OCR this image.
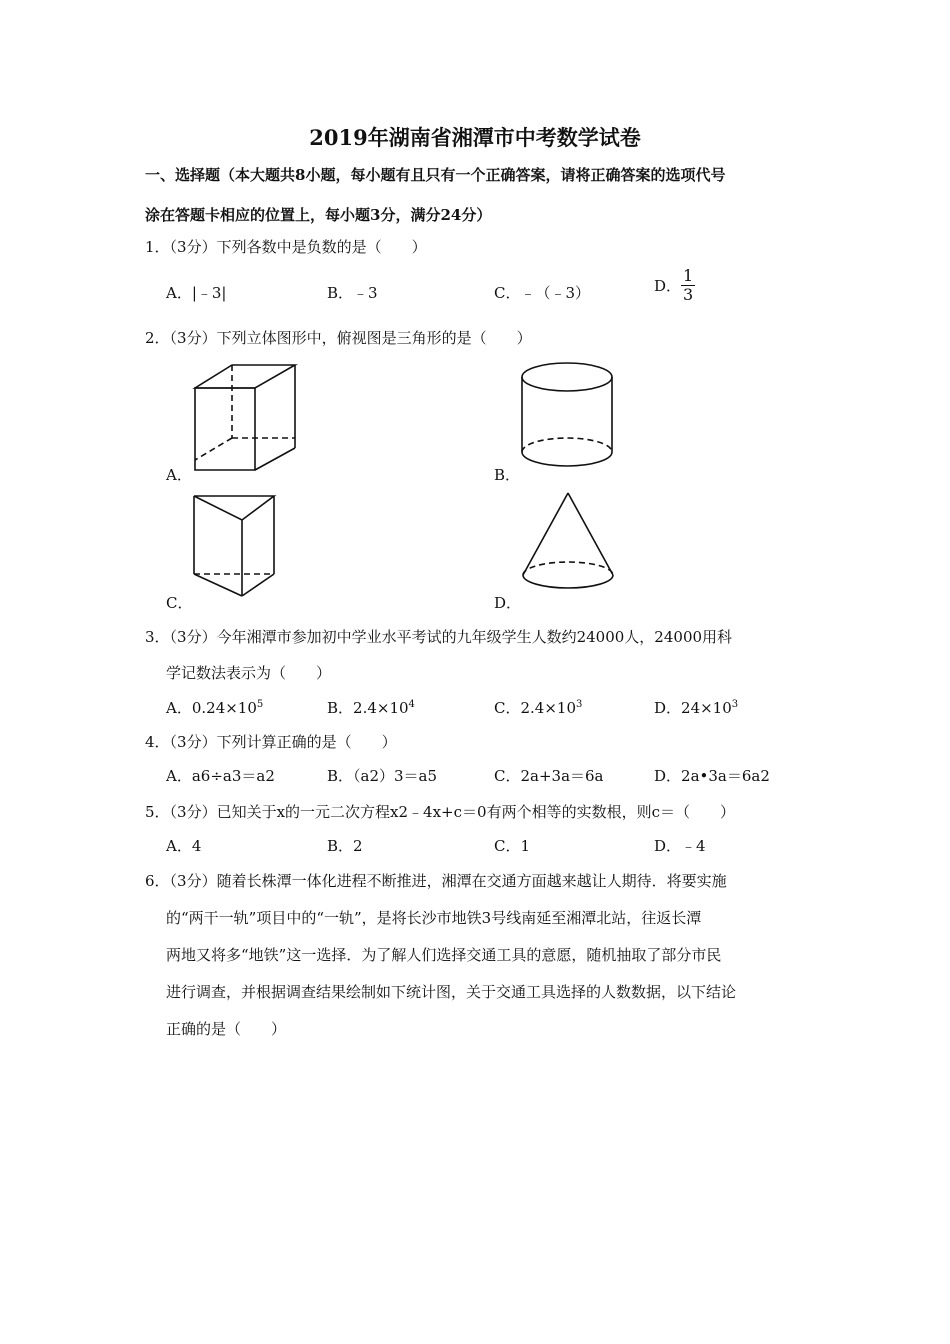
2019年湖南省湘潭市中考数学试卷
一、选择题（本大题共8小题，每小题有且只有一个正确答案，请将正确答案的选项代号
涂在答题卡相应的位置上，每小题3分，满分24分）
1．（3分）下列各数中是负数的是（　　）
A．|﹣3|	B．﹣3	C．﹣（﹣3）	D． $\frac{1}{3}$
2．（3分）下列立体图形中，俯视图是三角形的是（　　）
A．	B．
C．	D．
3．（3分）今年湘潭市参加初中学业水平考试的九年级学生人数约24000人，24000用科
学记数法表示为（　　）
A．$0.24\times 10^5$	B．$2.4\times 10^4$	C．$2.4\times 10^3$	D．$24\times 10^3$
4．（3分）下列计算正确的是（　　）
A．a6÷a3＝a2	B．（a2）3＝a5	C．2a+3a＝6a	D．2a•3a＝6a2
5．（3分）已知关于x的一元二次方程x2﹣4x+c＝0有两个相等的实数根，则c＝（　　）
A．4	B．2	C．1	D．﹣4
6．（3分）随着长株潭一体化进程不断推进，湘潭在交通方面越来越让人期待．将要实施
的“两干一轨”项目中的“一轨”，是将长沙市地铁3号线南延至湘潭北站，往返长潭
两地又将多“地铁”这一选择．为了解人们选择交通工具的意愿，随机抽取了部分市民
进行调查，并根据调查结果绘制如下统计图，关于交通工具选择的人数数据，以下结论
正确的是（　　）
